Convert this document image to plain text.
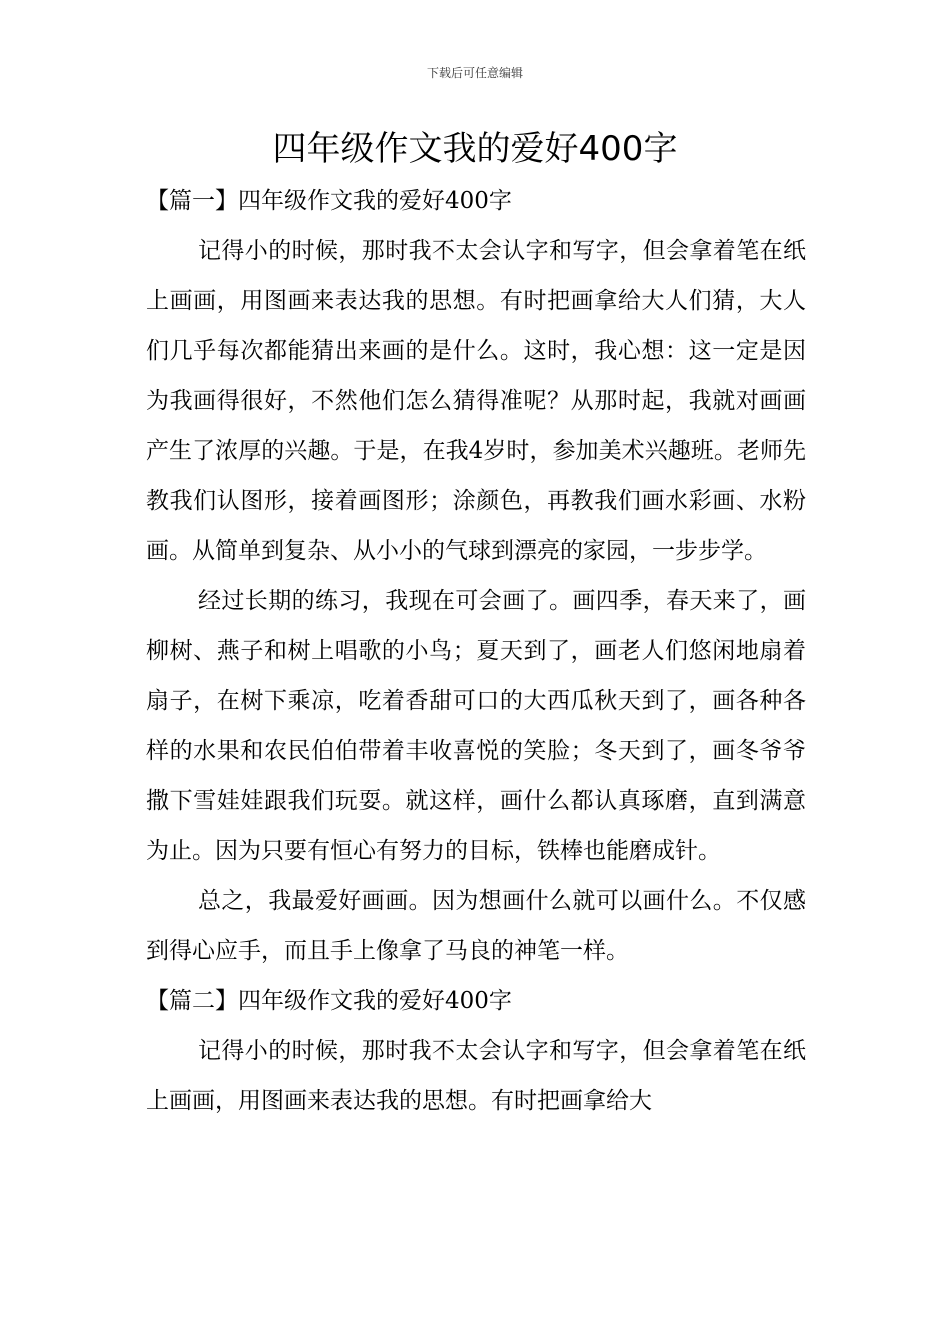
下载后可任意编辑
四年级作文我的爱好400字
【篇一】四年级作文我的爱好400字

记得小的时候，那时我不太会认字和写字，但会拿着笔在纸上画画，用图画来表达我的思想。有时把画拿给大人们猜，大人们几乎每次都能猜出来画的是什么。这时，我心想：这一定是因为我画得很好，不然他们怎么猜得准呢？从那时起，我就对画画产生了浓厚的兴趣。于是，在我4岁时，参加美术兴趣班。老师先教我们认图形，接着画图形；涂颜色，再教我们画水彩画、水粉画。从简单到复杂、从小小的气球到漂亮的家园，一步步学。

经过长期的练习，我现在可会画了。画四季，春天来了，画柳树、燕子和树上唱歌的小鸟；夏天到了，画老人们悠闲地扇着扇子，在树下乘凉，吃着香甜可口的大西瓜秋天到了，画各种各样的水果和农民伯伯带着丰收喜悦的笑脸；冬天到了，画冬爷爷撒下雪娃娃跟我们玩耍。就这样，画什么都认真琢磨，直到满意为止。因为只要有恒心有努力的目标，铁棒也能磨成针。

总之，我最爱好画画。因为想画什么就可以画什么。不仅感到得心应手，而且手上像拿了马良的神笔一样。

【篇二】四年级作文我的爱好400字

记得小的时候，那时我不太会认字和写字，但会拿着笔在纸上画画，用图画来表达我的思想。有时把画拿给大
